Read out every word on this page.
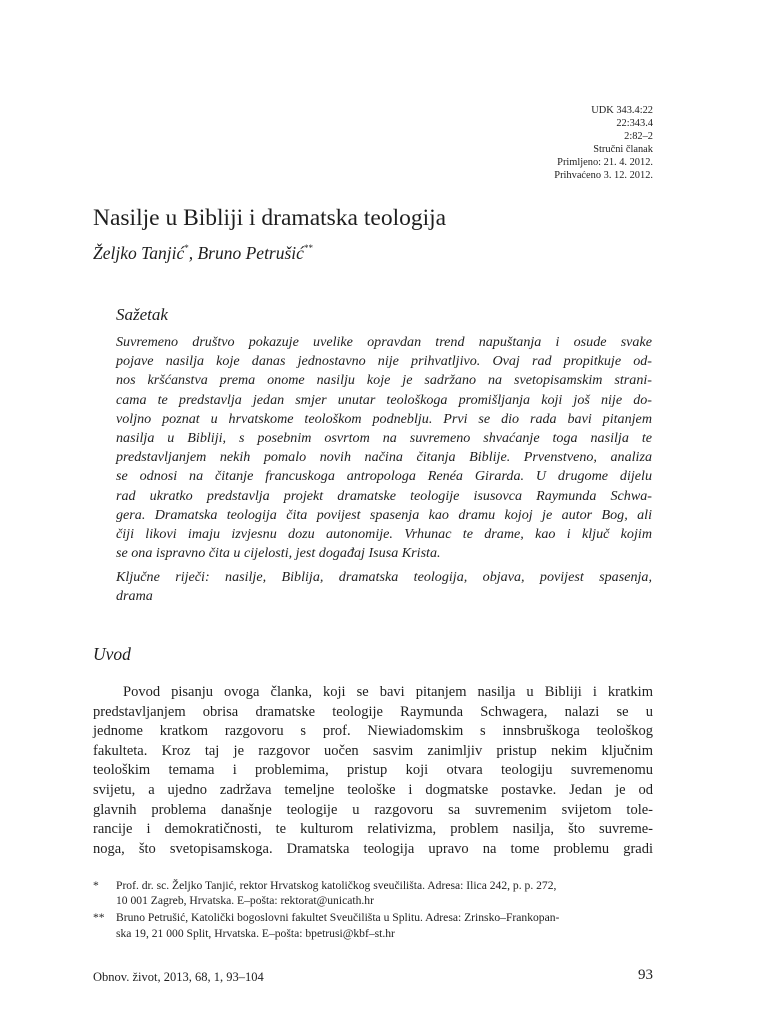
UDK 343.4:22
22:343.4
2:82–2
Stručni članak
Primljeno: 21. 4. 2012.
Prihvaćeno 3. 12. 2012.
Nasilje u Bibliji i dramatska teologija
Željko Tanjić*, Bruno Petrušić**
Sažetak

Suvremeno društvo pokazuje uvelike opravdan trend napuštanja i osude svake
pojave nasilja koje danas jednostavno nije prihvatljivo. Ovaj rad propitkuje od-
nos kršćanstva prema onome nasilju koje je sadržano na svetopisamskim strani-
cama te predstavlja jedan smjer unutar teološkoga promišljanja koji još nije do-
voljno poznat u hrvatskome teološkom podneblju. Prvi se dio rada bavi pitanjem
nasilja u Bibliji, s posebnim osvrtom na suvremeno shvaćanje toga nasilja te
predstavljanjem nekih pomalo novih načina čitanja Biblije. Prvenstveno, analiza
se odnosi na čitanje francuskoga antropologa Renéa Girarda. U drugome dijelu
rad ukratko predstavlja projekt dramatske teologije isusovca Raymunda Schwa-
gera. Dramatska teologija čita povijest spasenja kao dramu kojoj je autor Bog, ali
čiji likovi imaju izvjesnu dozu autonomije. Vrhunac te drame, kao i ključ kojim
se ona ispravno čita u cijelosti, jest događaj Isusa Krista.

Ključne riječi: nasilje, Biblija, dramatska teologija, objava, povijest spasenja,
drama

Uvod

Povod pisanju ovoga članka, koji se bavi pitanjem nasilja u Bibliji i kratkim
predstavljanjem obrisa dramatske teologije Raymunda Schwagera, nalazi se u
jednome kratkom razgovoru s prof. Niewiadomskim s innsbruškoga teološkog
fakulteta. Kroz taj je razgovor uočen sasvim zanimljiv pristup nekim ključnim
teološkim temama i problemima, pristup koji otvara teologiju suvremenomu
svijetu, a ujedno zadržava temeljne teološke i dogmatske postavke. Jedan je od
glavnih problema današnje teologije u razgovoru sa suvremenim svijetom tole-
rancije i demokratičnosti, te kulturom relativizma, problem nasilja, što suvreme-
noga, što svetopisamskoga. Dramatska teologija upravo na tome problemu gradi

*	Prof. dr. sc. Željko Tanjić, rektor Hrvatskog katoličkog sveučilišta. Adresa: Ilica 242, p. p. 272,
10 001 Zagreb, Hrvatska. E–pošta: rektorat@unicath.hr
** Bruno Petrušić, Katolički bogoslovni fakultet Sveučilišta u Splitu. Adresa: Zrinsko–Frankopan-
ska 19, 21 000 Split, Hrvatska. E–pošta: bpetrusi@kbf–st.hr
Obnov. život, 2013, 68, 1, 93–104	93
